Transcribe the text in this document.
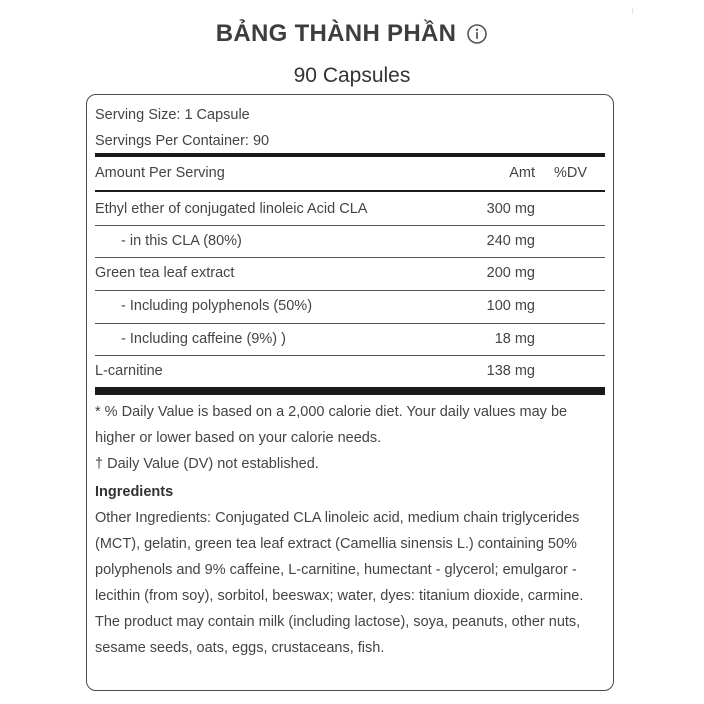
BẢNG THÀNH PHẦN
90 Capsules
Serving Size: 1 Capsule
Servings Per Container: 90
Amount Per Serving	Amt %DV
Ethyl ether of conjugated linoleic Acid CLA	300 mg
- in this CLA (80%)	240 mg
Green tea leaf extract	200 mg
- Including polyphenols (50%)	100 mg
- Including caffeine (9%) )	18 mg
L-carnitine	138 mg
* % Daily Value is based on a 2,000 calorie diet. Your daily values may be higher or lower based on your calorie needs.
† Daily Value (DV) not established.
Ingredients
Other Ingredients: Conjugated CLA linoleic acid, medium chain triglycerides (MCT), gelatin, green tea leaf extract (Camellia sinensis L.) containing 50% polyphenols and 9% caffeine, L-carnitine, humectant - glycerol; emulgaror - lecithin (from soy), sorbitol, beeswax; water, dyes: titanium dioxide, carmine. The product may contain milk (including lactose), soya, peanuts, other nuts, sesame seeds, oats, eggs, crustaceans, fish.
